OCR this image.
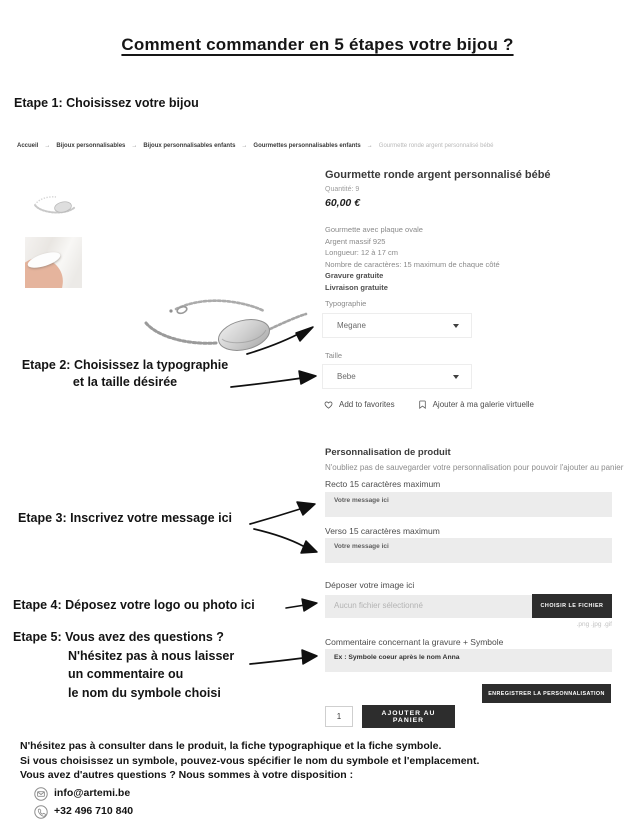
Comment commander en 5 étapes votre bijou ?
Etape 1: Choisissez votre bijou
Accueil → Bijoux personnalisables → Bijoux personnalisables enfants → Gourmettes personnalisables enfants → Gourmette ronde argent personnalisé bébé
Gourmette ronde argent personnalisé bébé
Quantité: 9
60,00 €
Gourmette avec plaque ovale
Argent massif 925
Longueur: 12 à 17 cm
Nombre de caractères: 15 maximum de chaque côté
Gravure gratuite
Livraison gratuite
Typographie
Megane
Taille
Bebe
Add to favorites	Ajouter à ma galerie virtuelle
Personnalisation de produit
N'oubliez pas de sauvegarder votre personnalisation pour pouvoir l'ajouter au panier
Recto 15 caractères maximum
Votre message ici
Verso 15 caractères maximum
Votre message ici
Déposer votre image ici
Aucun fichier sélectionné	CHOISIR LE FICHIER
.png .jpg .gif
Commentaire concernant la gravure + Symbole
Ex : Symbole coeur après le nom Anna
ENREGISTRER LA PERSONNALISATION
1
AJOUTER AU PANIER
Etape 2: Choisissez la typographie
et la taille désirée
Etape 3: Inscrivez votre message ici
Etape 4: Déposez votre logo ou photo ici
Etape 5: Vous avez des questions ?
N'hésitez pas à nous laisser
un commentaire ou
le nom du symbole choisi
N'hésitez pas à consulter dans le produit, la fiche typographique et la fiche symbole.
Si vous choisissez un symbole, pouvez-vous spécifier le nom du symbole et l'emplacement.
Vous avez d'autres questions ? Nous sommes à votre disposition :
info@artemi.be
+32 496 710 840
